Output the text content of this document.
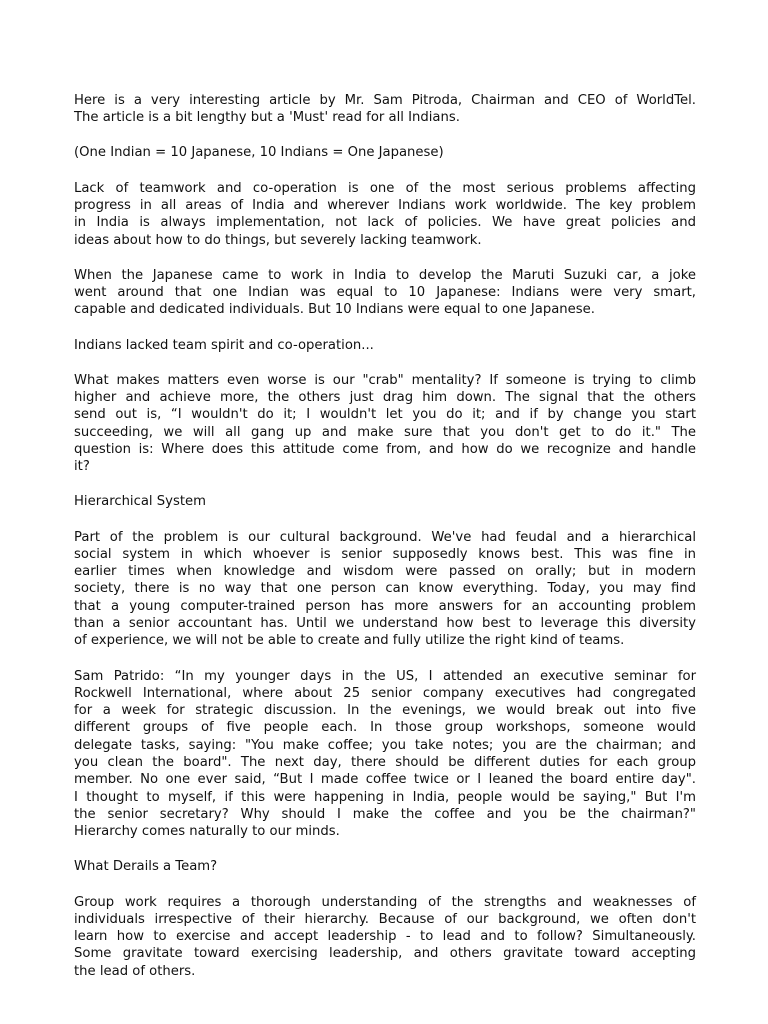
Here is a very interesting article by Mr. Sam Pitroda, Chairman and CEO of WorldTel.
The article is a bit lengthy but a 'Must' read for all Indians.

(One Indian = 10 Japanese, 10 Indians = One Japanese)

Lack of teamwork and co-operation is one of the most serious problems affecting
progress in all areas of India and wherever Indians work worldwide. The key problem
in India is always implementation, not lack of policies. We have great policies and
ideas about how to do things, but severely lacking teamwork.

When the Japanese came to work in India to develop the Maruti Suzuki car, a joke
went around that one Indian was equal to 10 Japanese: Indians were very smart,
capable and dedicated individuals. But 10 Indians were equal to one Japanese.

Indians lacked team spirit and co-operation...

What makes matters even worse is our "crab" mentality? If someone is trying to climb
higher and achieve more, the others just drag him down. The signal that the others
send out is, “I wouldn't do it; I wouldn't let you do it; and if by change you start
succeeding, we will all gang up and make sure that you don't get to do it." The
question is: Where does this attitude come from, and how do we recognize and handle
it?

Hierarchical System

Part of the problem is our cultural background. We've had feudal and a hierarchical
social system in which whoever is senior supposedly knows best. This was fine in
earlier times when knowledge and wisdom were passed on orally; but in modern
society, there is no way that one person can know everything. Today, you may find
that a young computer-trained person has more answers for an accounting problem
than a senior accountant has. Until we understand how best to leverage this diversity
of experience, we will not be able to create and fully utilize the right kind of teams.

Sam Patrido: “In my younger days in the US, I attended an executive seminar for
Rockwell International, where about 25 senior company executives had congregated
for a week for strategic discussion. In the evenings, we would break out into five
different groups of five people each. In those group workshops, someone would
delegate tasks, saying: "You make coffee; you take notes; you are the chairman; and
you clean the board". The next day, there should be different duties for each group
member. No one ever said, “But I made coffee twice or I leaned the board entire day".
I thought to myself, if this were happening in India, people would be saying," But I'm
the senior secretary? Why should I make the coffee and you be the chairman?"
Hierarchy comes naturally to our minds.

What Derails a Team?

Group work requires a thorough understanding of the strengths and weaknesses of
individuals irrespective of their hierarchy. Because of our background, we often don't
learn how to exercise and accept leadership - to lead and to follow? Simultaneously.
Some gravitate toward exercising leadership, and others gravitate toward accepting
the lead of others.
